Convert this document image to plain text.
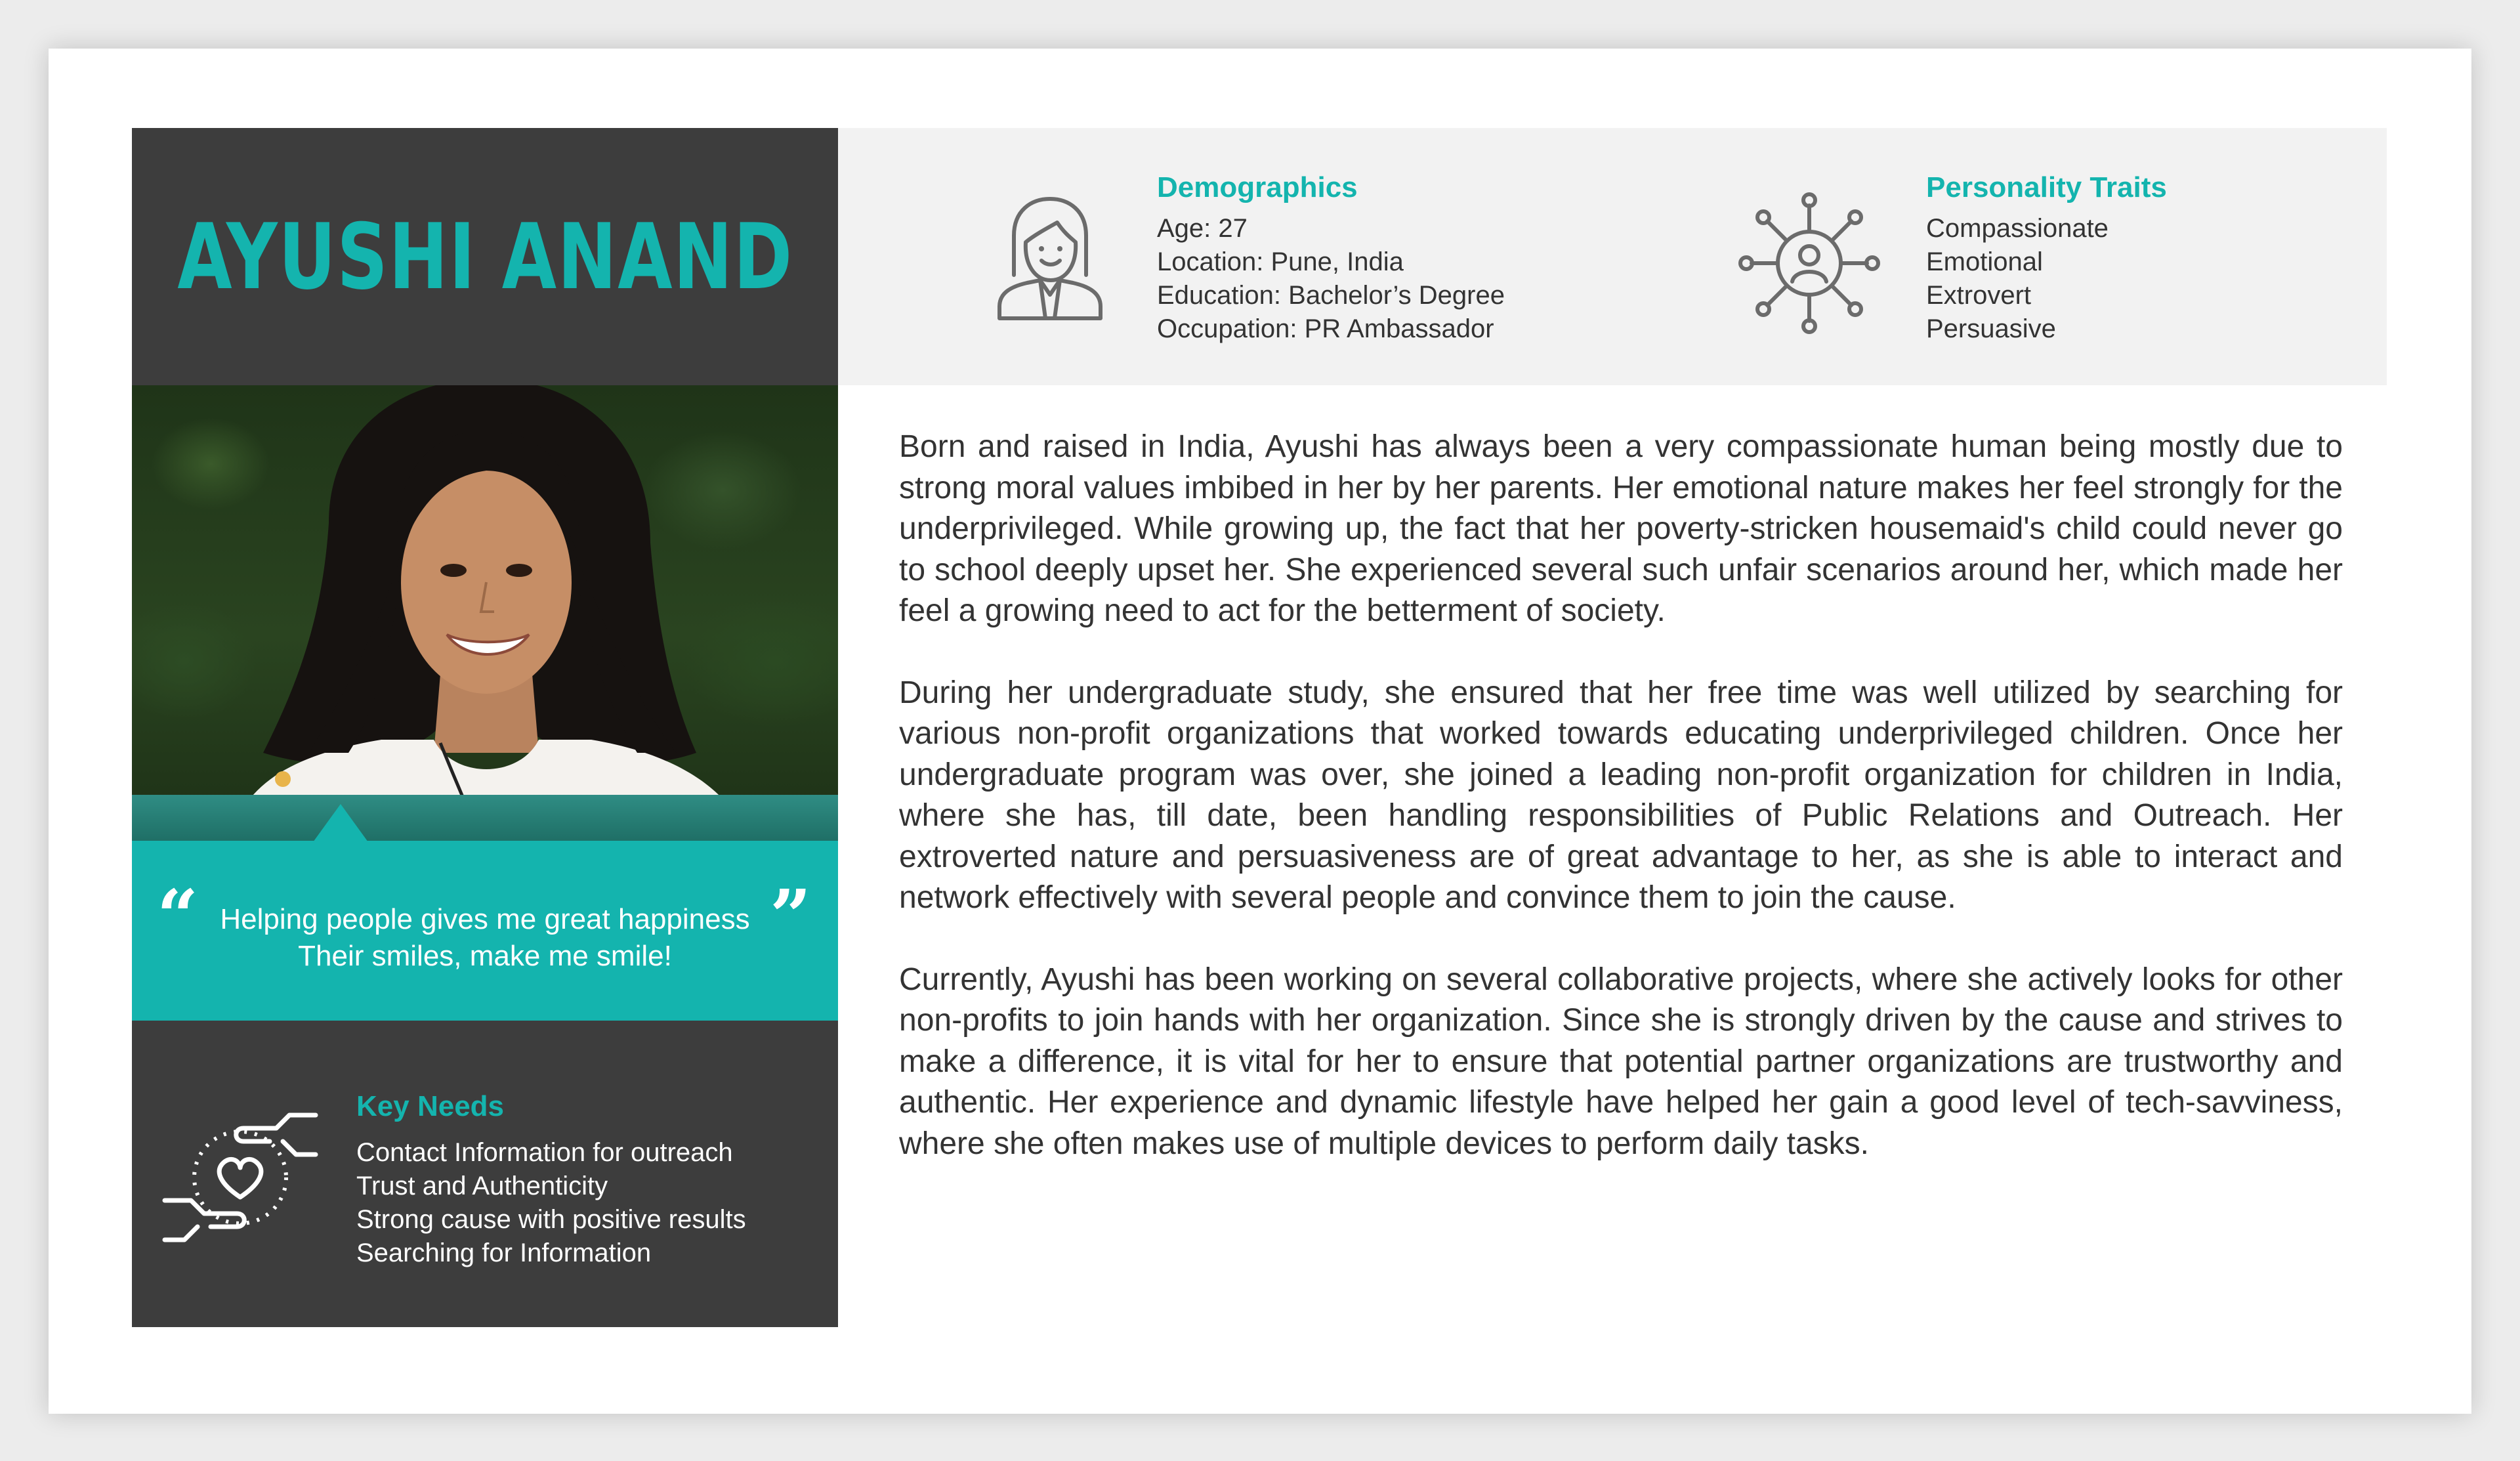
AYUSHI ANAND
“	”
Helping people gives me great happiness
Their smiles, make me smile!
Key Needs
Contact Information for outreach
Trust and Authenticity
Strong cause with positive results
Searching for Information
Demographics
Age: 27
Location: Pune, India
Education: Bachelor’s Degree
Occupation: PR Ambassador
Personality Traits
Compassionate
Emotional
Extrovert
Persuasive

Born and raised in India, Ayushi has always been a very compassionate human being mostly due to strong moral values imbibed in her by her parents. Her emotional nature makes her feel strongly for the underprivileged. While growing up, the fact that her poverty-stricken housemaid's child could never go to school deeply upset her. She experienced several such unfair scenarios around her, which made her feel a growing need to act for the betterment of society.

During her undergraduate study, she ensured that her free time was well utilized by searching for various non-profit organizations that worked towards educating underprivileged children. Once her undergraduate program was over, she joined a leading non-profit organization for children in India, where she has, till date, been handling responsibilities of Public Relations and Outreach. Her extroverted nature and persuasiveness are of great advantage to her, as she is able to interact and network effectively with several people and convince them to join the cause.

Currently, Ayushi has been working on several collaborative projects, where she actively looks for other non-profits to join hands with her organization. Since she is strongly driven by the cause and strives to make a difference, it is vital for her to ensure that potential partner organizations are trustworthy and authentic. Her experience and dynamic lifestyle have helped her gain a good level of tech-savviness, where she often makes use of multiple devices to perform daily tasks.
